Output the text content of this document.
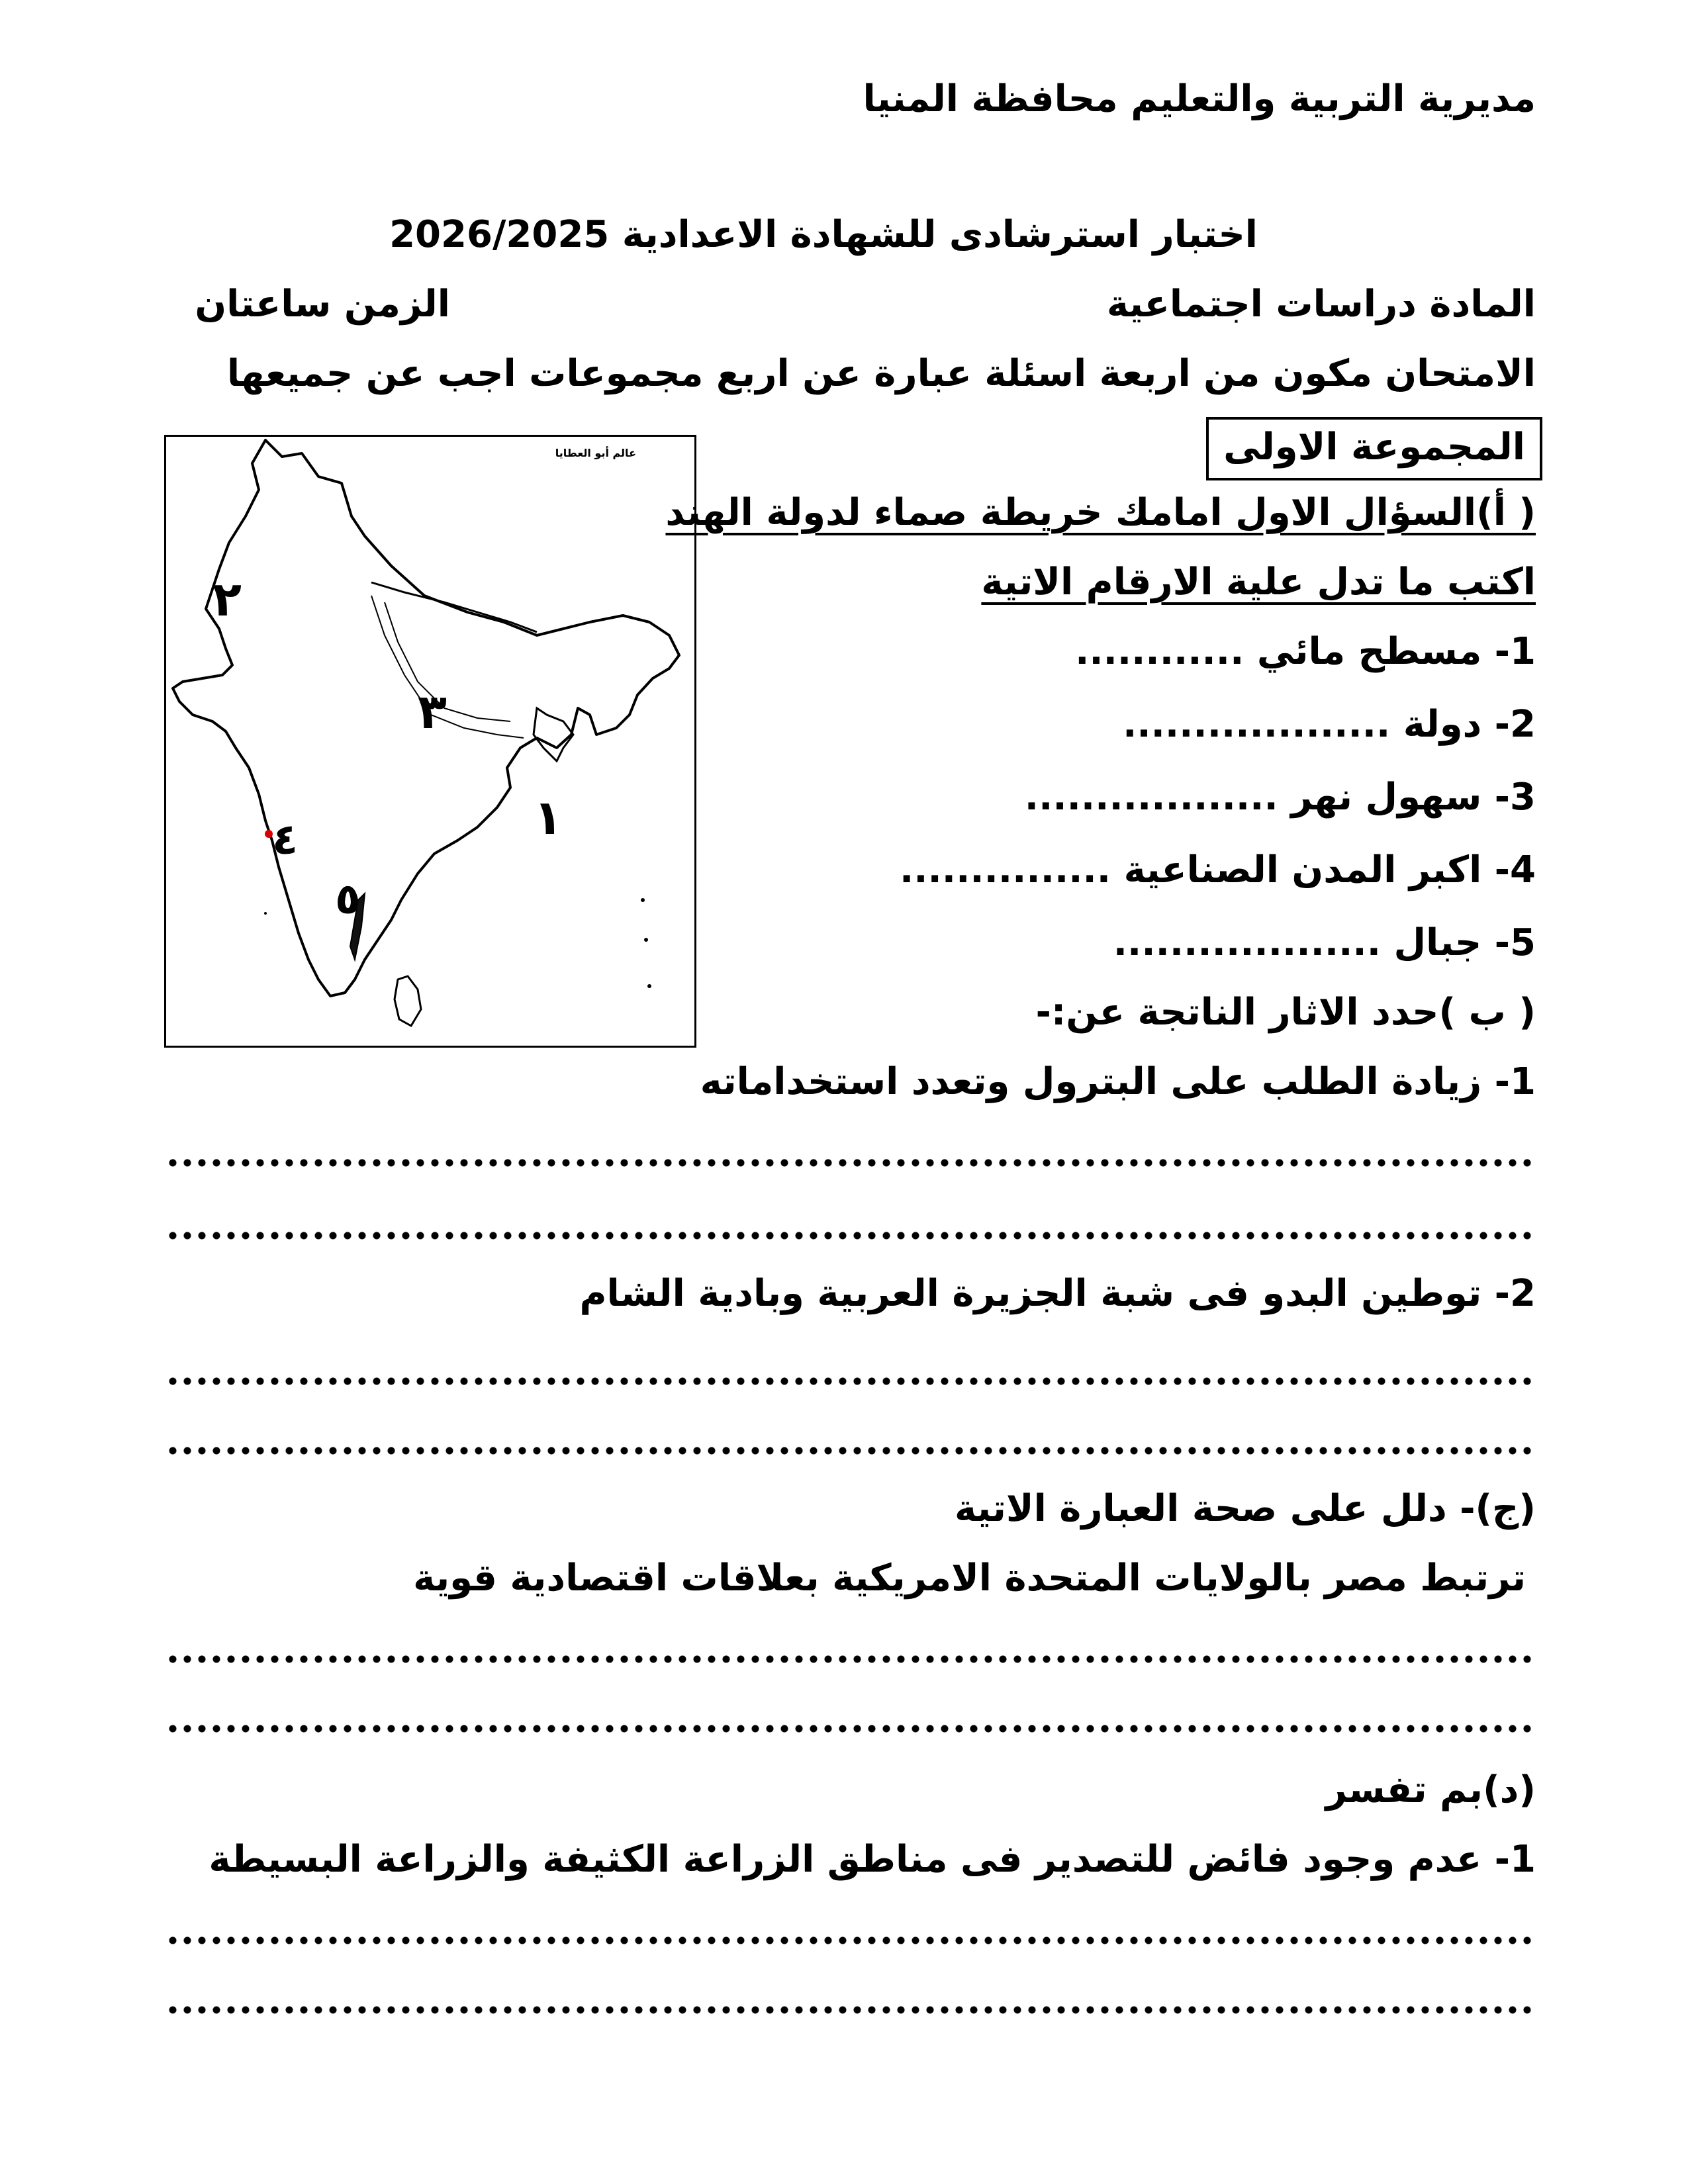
مديرية التربية والتعليم محافظة المنيا
اختبار استرشادى للشهادة الاعدادية 2026/2025
المادة دراسات اجتماعية
الزمن ساعتان
الامتحان مكون من اربعة اسئلة عبارة عن اربع مجموعات اجب عن جميعها
المجموعة الاولى
عالم أبو العطايا
٢
٣
١
٤
٥
( أ)السؤال الاول امامك خريطة صماء لدولة الهند
اكتب ما تدل علية الارقام الاتية
1- مسطح مائي ............
2- دولة ...................
3- سهول نهر ..................
4- اكبر المدن الصناعية ...............
5- جبال ...................
( ب )حدد الاثار الناتجة عن:-
1- زيادة الطلب على البترول وتعدد استخداماته
2- توطين البدو فى شبة الجزيرة العربية وبادية الشام
(ج)- دلل على صحة العبارة الاتية
ترتبط مصر بالولايات المتحدة الامريكية بعلاقات اقتصادية قوية
(د)بم تفسر
1- عدم وجود فائض للتصدير فى مناطق الزراعة الكثيفة والزراعة البسيطة
